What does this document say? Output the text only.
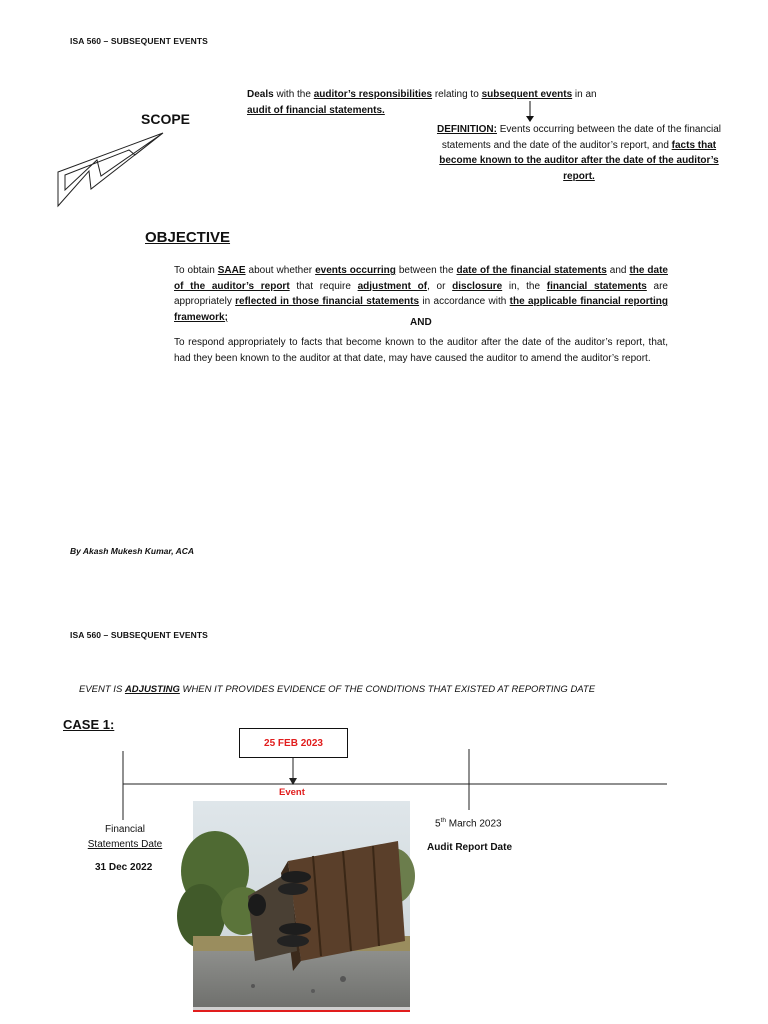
ISA 560 – SUBSEQUENT EVENTS
Deals with the auditor’s responsibilities relating to subsequent events in an
audit of financial statements.
SCOPE
DEFINITION: Events occurring between the date of the financial statements and the date of the auditor’s report, and facts that become known to the auditor after the date of the auditor’s report.
OBJECTIVE
To obtain SAAE about whether events occurring between the date of the financial statements and the date of the auditor’s report that require adjustment of, or disclosure in, the financial statements are appropriately reflected in those financial statements in accordance with the applicable financial reporting framework;	AND
To respond appropriately to facts that become known to the auditor after the date of the auditor’s report, that, had they been known to the auditor at that date, may have caused the auditor to amend the auditor’s report.
By Akash Mukesh Kumar, ACA
ISA 560 – SUBSEQUENT EVENTS
EVENT IS ADJUSTING WHEN IT PROVIDES EVIDENCE OF THE CONDITIONS THAT EXISTED AT REPORTING DATE
CASE 1:
25 FEB 2023
Event
Financial
Statements Date
31 Dec 2022
5th March 2023
Audit Report Date
